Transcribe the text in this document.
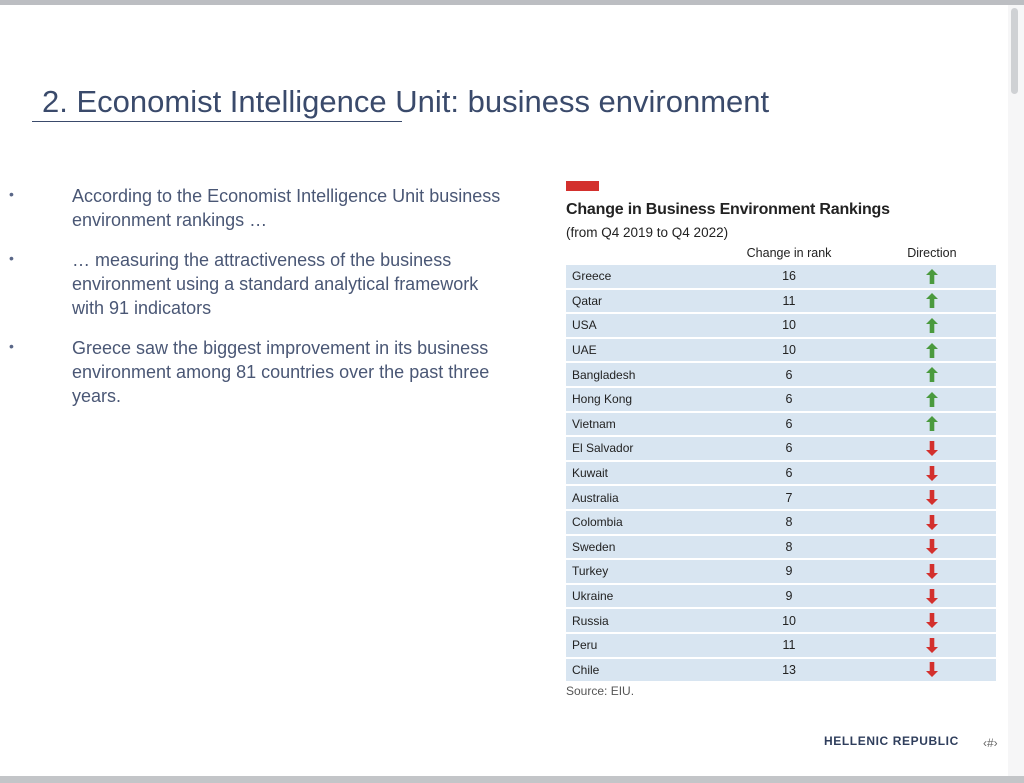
2. Economist Intelligence Unit: business environment
•	According to the Economist Intelligence Unit business environment rankings …
•	… measuring the attractiveness of the business environment using a standard analytical framework with 91 indicators
•	Greece saw the biggest improvement in its business environment among 81 countries over the past three years.
Change in Business Environment Rankings
(from Q4 2019 to Q4 2022)
	Change in rank	Direction
Greece	16	

Qatar	11	

USA	10	

UAE	10	

Bangladesh	6	

Hong Kong	6	

Vietnam	6	

El Salvador	6	

Kuwait	6	

Australia	7	

Colombia	8	

Sweden	8	

Turkey	9	

Ukraine	9	

Russia	10	

Peru	11	

Chile	13	
Source: EIU.
HELLENIC REPUBLIC ‹#›
